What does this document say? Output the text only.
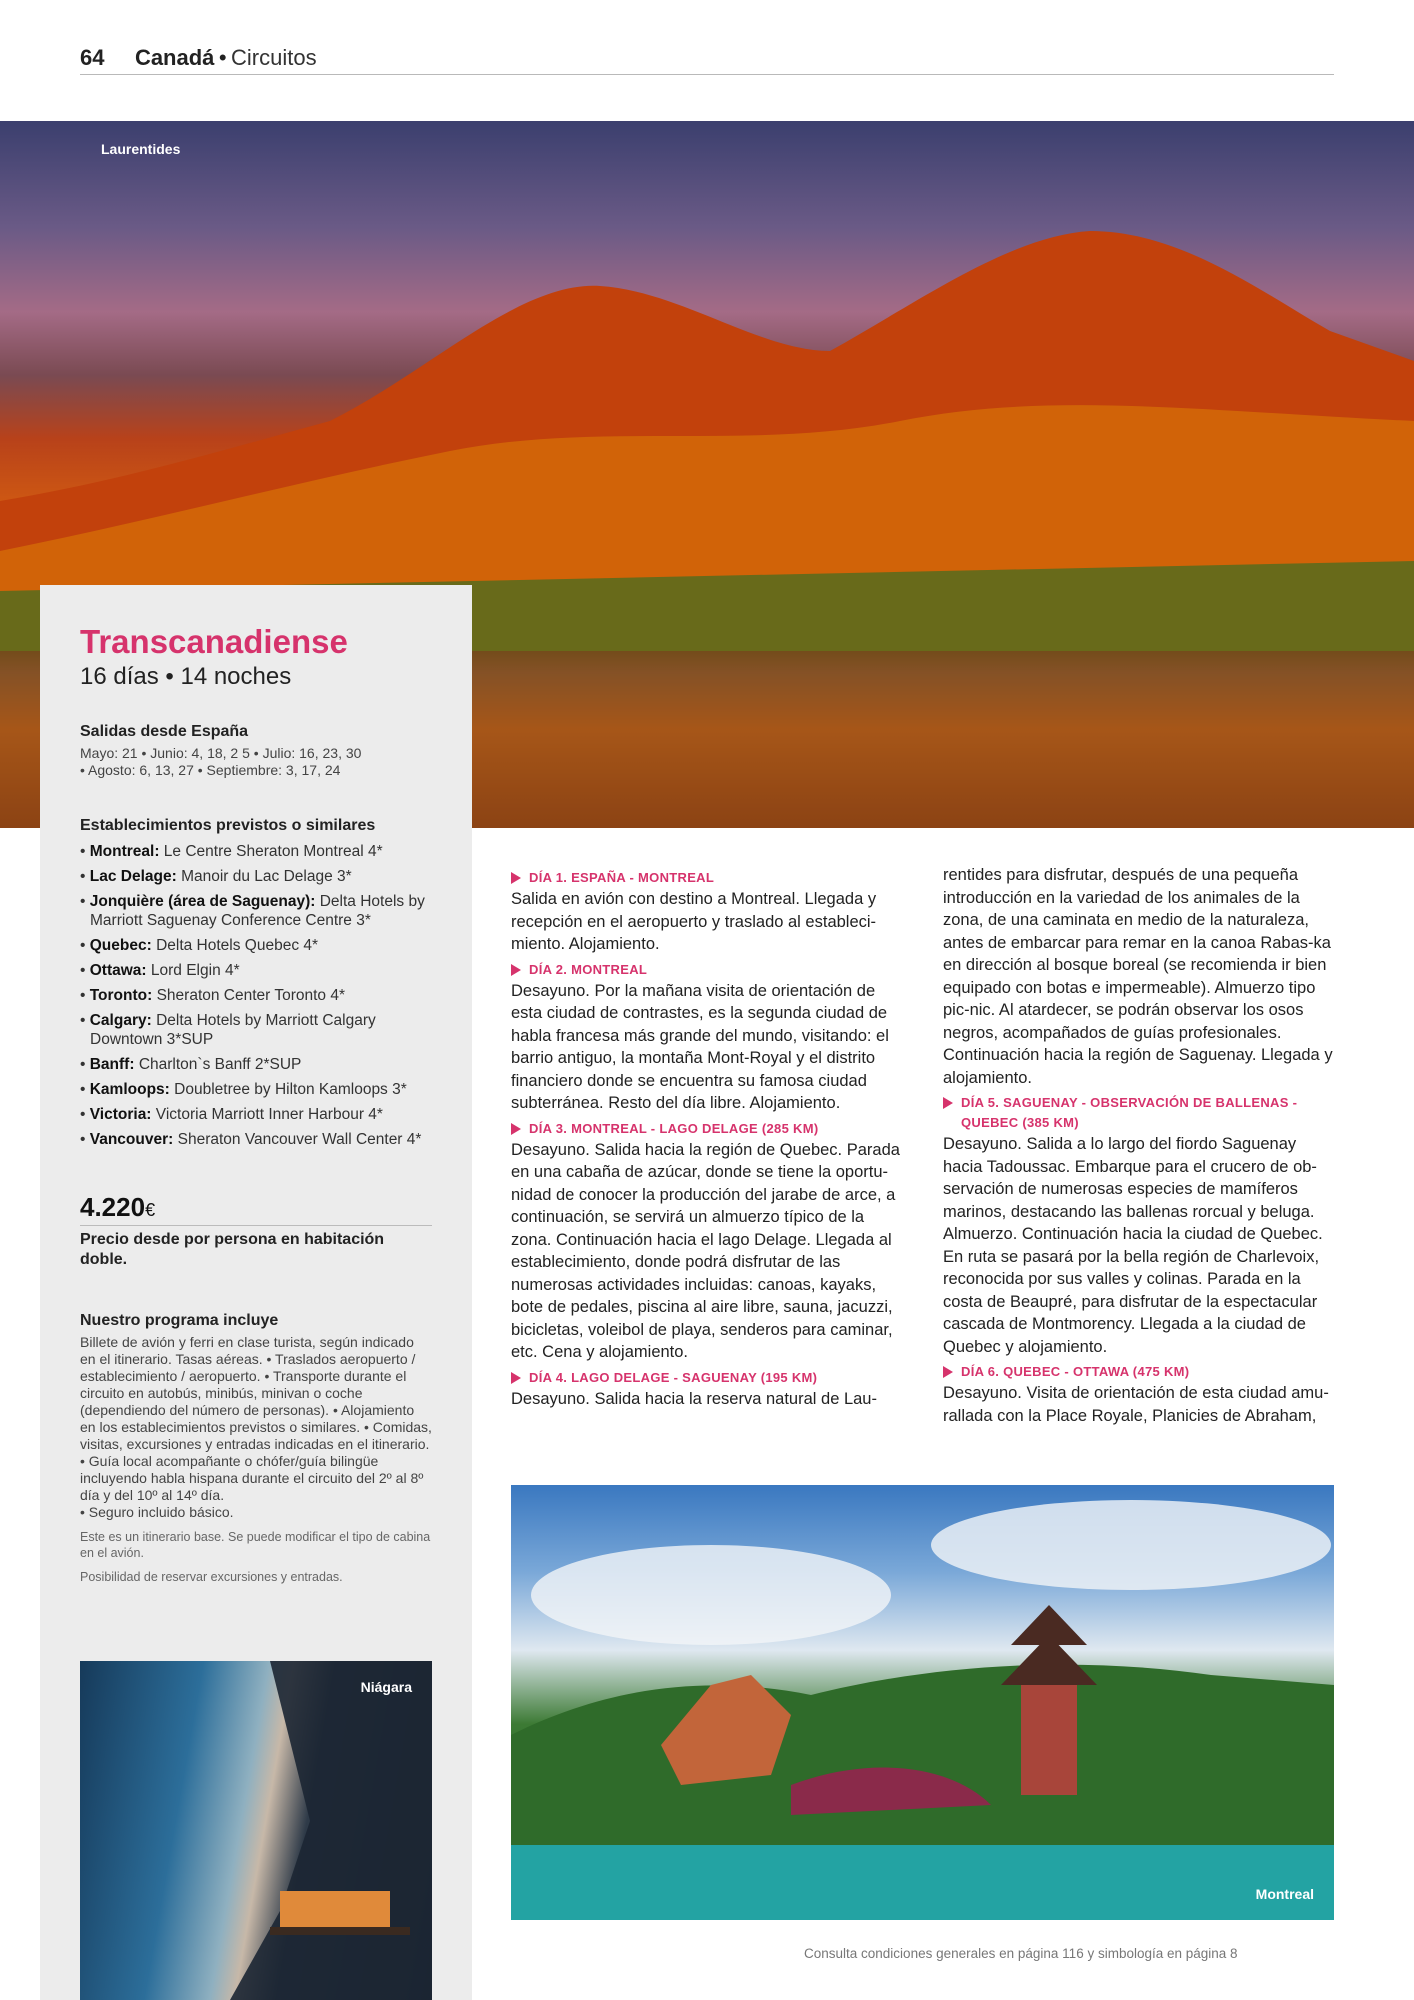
64 Canadá • Circuitos
Laurentides
Transcanadiense
16 días • 14 noches
Salidas desde España
Mayo: 21 • Junio: 4, 18, 2 5 • Julio: 16, 23, 30
• Agosto: 6, 13, 27 • Septiembre: 3, 17, 24
Establecimientos previstos o similares
• Montreal: Le Centre Sheraton Montreal 4*
• Lac Delage: Manoir du Lac Delage 3*
• Jonquière (área de Saguenay): Delta Hotels by Marriott Saguenay Conference Centre 3*
• Quebec: Delta Hotels Quebec 4*
• Ottawa: Lord Elgin 4*
• Toronto: Sheraton Center Toronto 4*
• Calgary: Delta Hotels by Marriott Calgary Downtown 3*SUP
• Banff: Charlton`s Banff 2*SUP
• Kamloops: Doubletree by Hilton Kamloops 3*
• Victoria: Victoria Marriott Inner Harbour 4*
• Vancouver: Sheraton Vancouver Wall Center 4*
4.220€
Precio desde por persona en habitación doble.
Nuestro programa incluye
Billete de avión y ferri en clase turista, según indicado en el itinerario. Tasas aéreas. • Traslados aeropuerto / establecimiento / aeropuerto. • Transporte durante el circuito en autobús, minibús, minivan o coche (dependiendo del número de personas). • Alojamiento en los establecimientos previstos o similares. • Comidas, visitas, excursiones y entradas indicadas en el itinerario. • Guía local acompañante o chófer/guía bilingüe incluyendo habla hispana durante el circuito del 2º al 8º día y del 10º al 14º día.
• Seguro incluido básico.
Este es un itinerario base. Se puede modificar el tipo de cabina en el avión.
Posibilidad de reservar excursiones y entradas.
Niágara
DÍA 1. ESPAÑA - MONTREAL

Salida en avión con destino a Montreal. Llegada y recepción en el aeropuerto y traslado al estableci-miento. Alojamiento.

DÍA 2. MONTREAL

Desayuno. Por la mañana visita de orientación de esta ciudad de contrastes, es la segunda ciudad de habla francesa más grande del mundo, visitando: el barrio antiguo, la montaña Mont-Royal y el distrito financiero donde se encuentra su famosa ciudad subterránea. Resto del día libre. Alojamiento.

DÍA 3. MONTREAL - LAGO DELAGE (285 KM)

Desayuno. Salida hacia la región de Quebec. Parada en una cabaña de azúcar, donde se tiene la oportu-nidad de conocer la producción del jarabe de arce, a continuación, se servirá un almuerzo típico de la zona. Continuación hacia el lago Delage. Llegada al establecimiento, donde podrá disfrutar de las numerosas actividades incluidas: canoas, kayaks, bote de pedales, piscina al aire libre, sauna, jacuzzi, bicicletas, voleibol de playa, senderos para caminar, etc. Cena y alojamiento.

DÍA 4. LAGO DELAGE - SAGUENAY (195 KM)

Desayuno. Salida hacia la reserva natural de Lau-

rentides para disfrutar, después de una pequeña introducción en la variedad de los animales de la zona, de una caminata en medio de la naturaleza, antes de embarcar para remar en la canoa Rabas-ka en dirección al bosque boreal (se recomienda ir bien equipado con botas e impermeable). Almuerzo tipo pic-nic. Al atardecer, se podrán observar los osos negros, acompañados de guías profesionales. Continuación hacia la región de Saguenay. Llegada y alojamiento.

DÍA 5. SAGUENAY - OBSERVACIÓN DE BALLENAS - QUEBEC (385 KM)

Desayuno. Salida a lo largo del fiordo Saguenay hacia Tadoussac. Embarque para el crucero de ob-servación de numerosas especies de mamíferos marinos, destacando las ballenas rorcual y beluga. Almuerzo. Continuación hacia la ciudad de Quebec. En ruta se pasará por la bella región de Charlevoix, reconocida por sus valles y colinas. Parada en la costa de Beaupré, para disfrutar de la espectacular cascada de Montmorency. Llegada a la ciudad de Quebec y alojamiento.

DÍA 6. QUEBEC - OTTAWA (475 KM)

Desayuno. Visita de orientación de esta ciudad amu-rallada con la Place Royale, Planicies de Abraham,

Montreal
Consulta condiciones generales en página 116 y simbología en página 8
